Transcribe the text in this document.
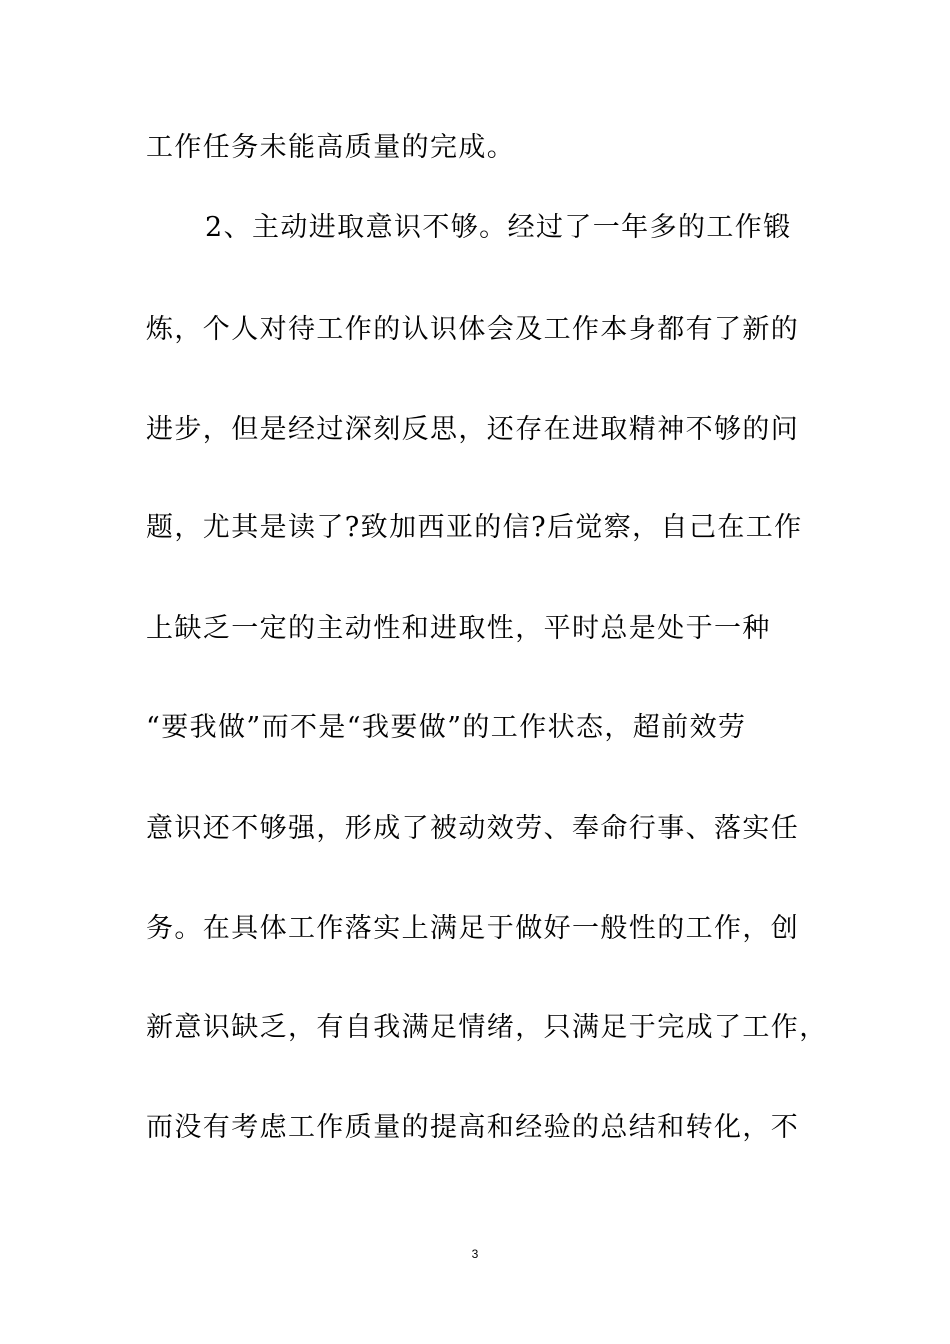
工作任务未能高质量的完成。
2、主动进取意识不够。经过了一年多的工作锻
炼，个人对待工作的认识体会及工作本身都有了新的
进步，但是经过深刻反思，还存在进取精神不够的问
题，尤其是读了?致加西亚的信?后觉察，自己在工作
上缺乏一定的主动性和进取性，平时总是处于一种
“要我做”而不是“我要做”的工作状态，超前效劳
意识还不够强，形成了被动效劳、奉命行事、落实任
务。在具体工作落实上满足于做好一般性的工作，创
新意识缺乏，有自我满足情绪，只满足于完成了工作，
而没有考虑工作质量的提高和经验的总结和转化，不
3
